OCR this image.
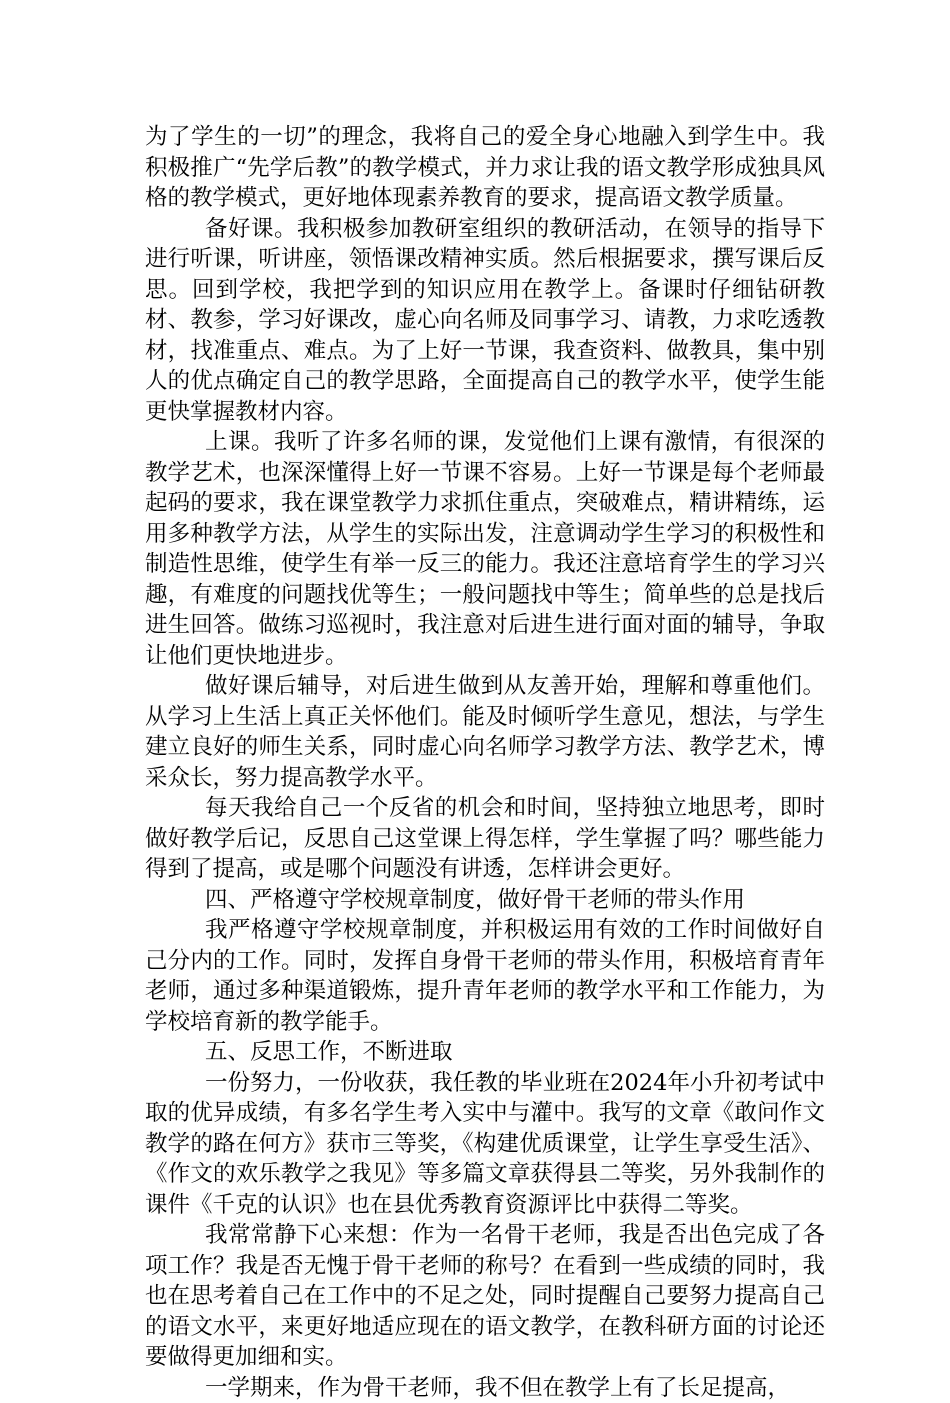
为了学生的一切”的理念，我将自己的爱全身心地融入到学生中。我积极推广“先学后教”的教学模式，并力求让我的语文教学形成独具风格的教学模式，更好地体现素养教育的要求，提高语文教学质量。

备好课。我积极参加教研室组织的教研活动，在领导的指导下进行听课，听讲座，领悟课改精神实质。然后根据要求，撰写课后反思。回到学校，我把学到的知识应用在教学上。备课时仔细钻研教材、教参，学习好课改，虚心向名师及同事学习、请教，力求吃透教材，找准重点、难点。为了上好一节课，我查资料、做教具，集中别人的优点确定自己的教学思路，全面提高自己的教学水平，使学生能更快掌握教材内容。

上课。我听了许多名师的课，发觉他们上课有激情，有很深的教学艺术，也深深懂得上好一节课不容易。上好一节课是每个老师最起码的要求，我在课堂教学力求抓住重点，突破难点，精讲精练，运用多种教学方法，从学生的实际出发，注意调动学生学习的积极性和制造性思维，使学生有举一反三的能力。我还注意培育学生的学习兴趣，有难度的问题找优等生；一般问题找中等生；简单些的总是找后进生回答。做练习巡视时，我注意对后进生进行面对面的辅导，争取让他们更快地进步。

做好课后辅导，对后进生做到从友善开始，理解和尊重他们。从学习上生活上真正关怀他们。能及时倾听学生意见，想法，与学生建立良好的师生关系，同时虚心向名师学习教学方法、教学艺术，博采众长，努力提高教学水平。

每天我给自己一个反省的机会和时间，坚持独立地思考，即时做好教学后记，反思自己这堂课上得怎样，学生掌握了吗？哪些能力得到了提高，或是哪个问题没有讲透，怎样讲会更好。

四、严格遵守学校规章制度，做好骨干老师的带头作用

我严格遵守学校规章制度，并积极运用有效的工作时间做好自己分内的工作。同时，发挥自身骨干老师的带头作用，积极培育青年老师，通过多种渠道锻炼，提升青年老师的教学水平和工作能力，为学校培育新的教学能手。

五、反思工作，不断进取

一份努力，一份收获，我任教的毕业班在2024年小升初考试中取的优异成绩，有多名学生考入实中与灌中。我写的文章《敢问作文教学的路在何方》获市三等奖，《构建优质课堂，让学生享受生活》、《作文的欢乐教学之我见》等多篇文章获得县二等奖，另外我制作的课件《千克的认识》也在县优秀教育资源评比中获得二等奖。

我常常静下心来想：作为一名骨干老师，我是否出色完成了各项工作？我是否无愧于骨干老师的称号？在看到一些成绩的同时，我也在思考着自己在工作中的不足之处，同时提醒自己要努力提高自己的语文水平，来更好地适应现在的语文教学，在教科研方面的讨论还要做得更加细和实。

一学期来，作为骨干老师，我不但在教学上有了长足提高，
